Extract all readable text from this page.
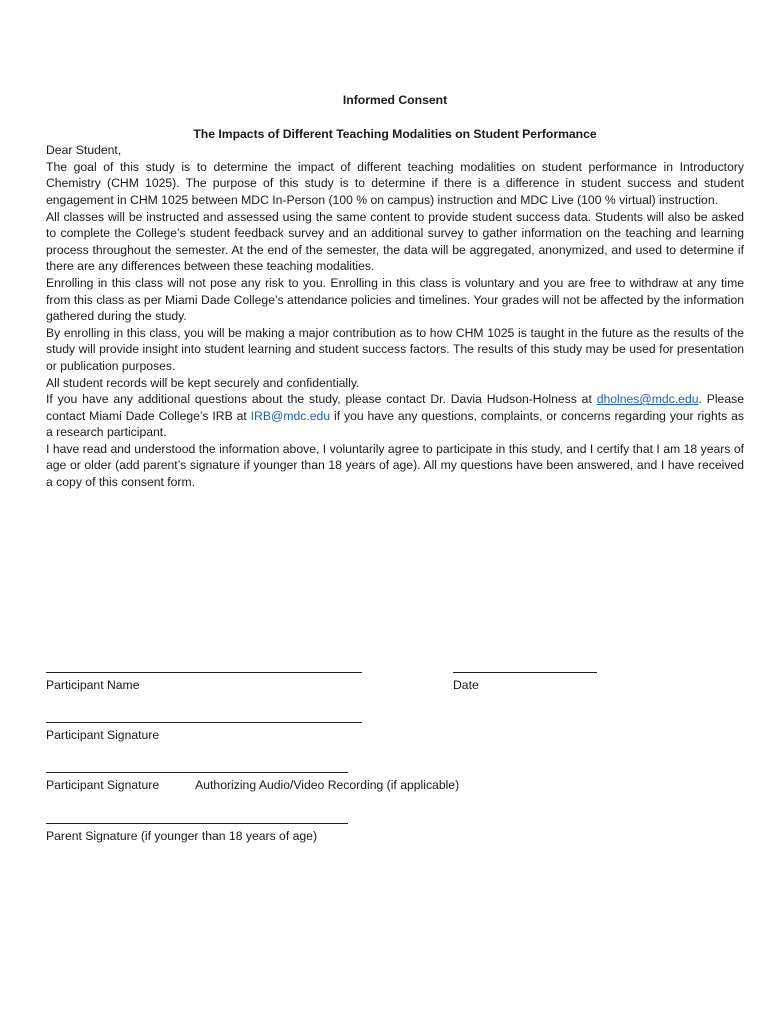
Informed Consent

The Impacts of Different Teaching Modalities on Student Performance

Dear Student,

The goal of this study is to determine the impact of different teaching modalities on student performance in Introductory Chemistry (CHM 1025). The purpose of this study is to determine if there is a difference in student success and student engagement in CHM 1025 between MDC In-Person (100 % on campus) instruction and MDC Live (100 % virtual) instruction.

All classes will be instructed and assessed using the same content to provide student success data. Students will also be asked to complete the College’s student feedback survey and an additional survey to gather information on the teaching and learning process throughout the semester. At the end of the semester, the data will be aggregated, anonymized, and used to determine if there are any differences between these teaching modalities.

Enrolling in this class will not pose any risk to you. Enrolling in this class is voluntary and you are free to withdraw at any time from this class as per Miami Dade College’s attendance policies and timelines. Your grades will not be affected by the information gathered during the study.

By enrolling in this class, you will be making a major contribution as to how CHM 1025 is taught in the future as the results of the study will provide insight into student learning and student success factors. The results of this study may be used for presentation or publication purposes.

All student records will be kept securely and confidentially.

If you have any additional questions about the study, please contact Dr. Davia Hudson-Holness at dholnes@mdc.edu. Please contact Miami Dade College’s IRB at IRB@mdc.edu if you have any questions, complaints, or concerns regarding your rights as a research participant.

I have read and understood the information above, I voluntarily agree to participate in this study, and I certify that I am 18 years of age or older (add parent’s signature if younger than 18 years of age). All my questions have been answered, and I have received a copy of this consent form.

Participant Name	Date
Participant Signature
Participant Signature	Authorizing Audio/Video Recording (if applicable)
Parent Signature (if younger than 18 years of age)
